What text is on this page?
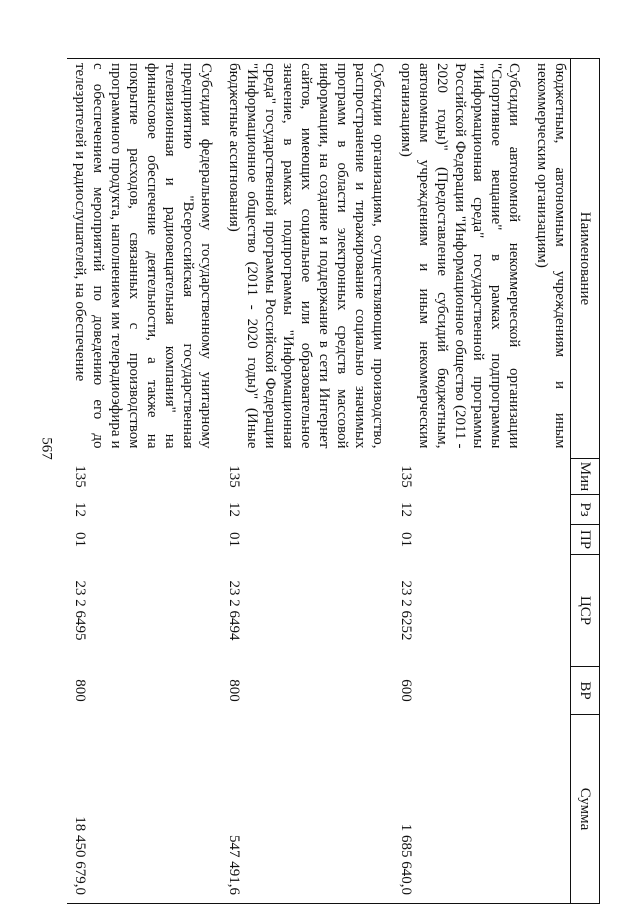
567
Наименование	Мин	Рз	ПР	ЦСР	ВР	Сумма
бюджетным, автономным учреждениям и иным некоммерческим организациям)						
Субсидии автономной некоммерческой организации "Спортивное вещание" в рамках подпрограммы "Информационная среда" государственной программы Российской Федерации "Информационное общество (2011 - 2020 годы)" (Предоставление субсидий бюджетным, автономным учреждениям и иным некоммерческим организациям)	135	12	01	23 2 6252	600	1 685 640,0
Субсидии организациям, осуществляющим производство, распространение и тиражирование социально значимых программ в области электронных средств массовой информации, на создание и поддержание в сети Интернет сайтов, имеющих социальное или образовательное значение, в рамках подпрограммы "Информационная среда" государственной программы Российской Федерации "Информационное общество (2011 - 2020 годы)" (Иные бюджетные ассигнования)	135	12	01	23 2 6494	800	547 491,6
Субсидии федеральному государственному унитарному предприятию "Всероссийская государственная телевизионная и радиовещательная компания" на финансовое обеспечение деятельности, а также на покрытие расходов, связанных с производством программного продукта, наполнением им телерадиоэфира и с обеспечением мероприятий по доведению его до телезрителей и радиослушателей, на обеспечение	135	12	01	23 2 6495	800	18 450 679,0
